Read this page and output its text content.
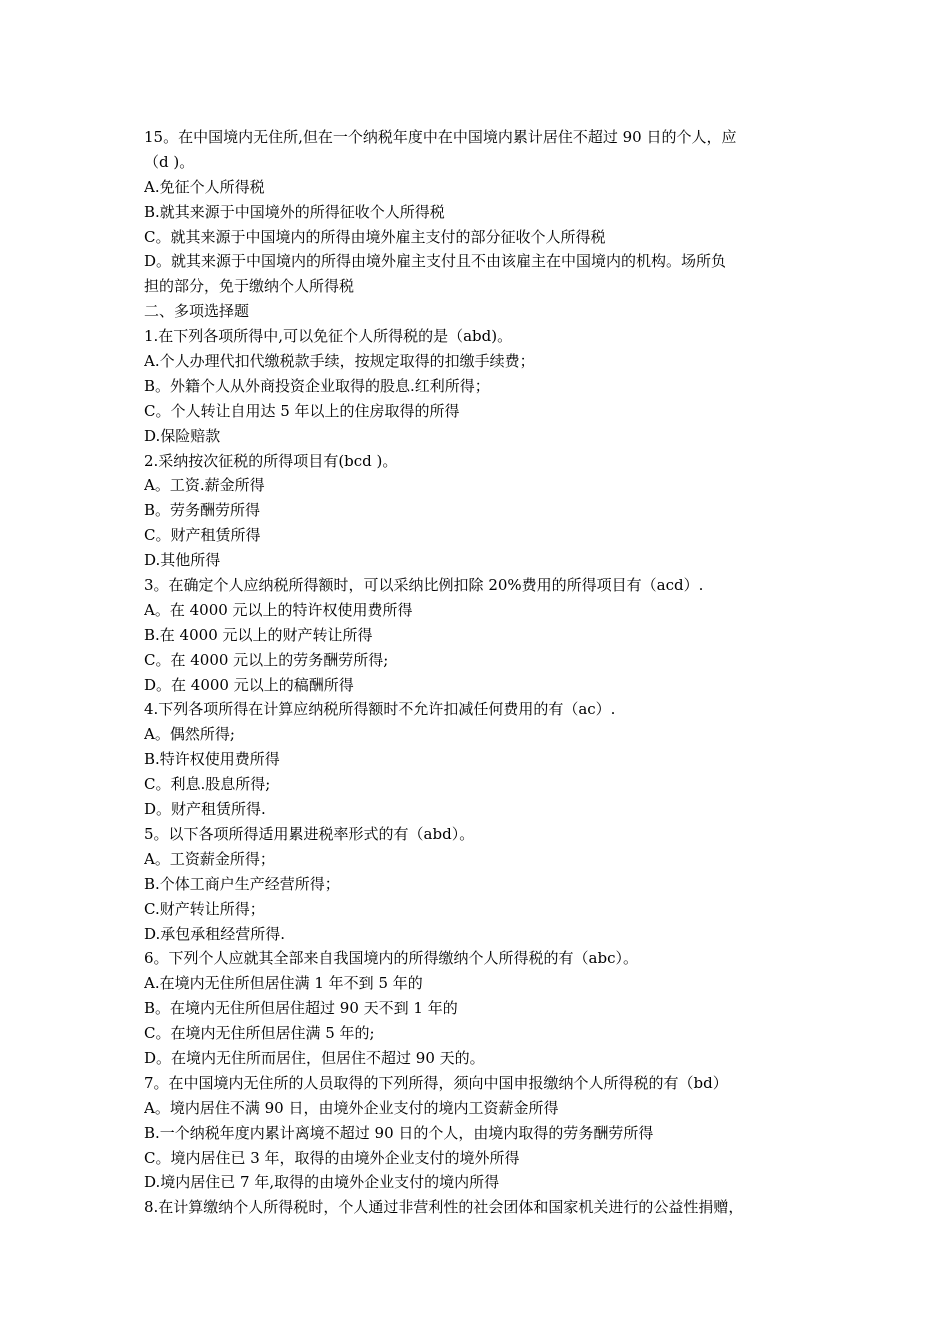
15。在中国境内无住所,但在一个纳税年度中在中国境内累计居住不超过 90 日的个人，应
（d )。
A.免征个人所得税
B.就其来源于中国境外的所得征收个人所得税
C。就其来源于中国境内的所得由境外雇主支付的部分征收个人所得税
D。就其来源于中国境内的所得由境外雇主支付且不由该雇主在中国境内的机构。场所负
担的部分，免于缴纳个人所得税
二、多项选择题
1.在下列各项所得中,可以免征个人所得税的是（abd)。
A.个人办理代扣代缴税款手续，按规定取得的扣缴手续费；
B。外籍个人从外商投资企业取得的股息.红利所得；
C。个人转让自用达 5 年以上的住房取得的所得
D.保险赔款
2.采纳按次征税的所得项目有(bcd )。
A。工资.薪金所得
B。劳务酬劳所得
C。财产租赁所得
D.其他所得
3。在确定个人应纳税所得额时，可以采纳比例扣除 20%费用的所得项目有（acd）.
A。在 4000 元以上的特许权使用费所得
B.在 4000 元以上的财产转让所得
C。在 4000 元以上的劳务酬劳所得;
D。在 4000 元以上的稿酬所得
4.下列各项所得在计算应纳税所得额时不允许扣减任何费用的有（ac）.
A。偶然所得;
B.特许权使用费所得
C。利息.股息所得;
D。财产租赁所得.
5。以下各项所得适用累进税率形式的有（abd）。
A。工资薪金所得；
B.个体工商户生产经营所得；
C.财产转让所得；
D.承包承租经营所得.
6。下列个人应就其全部来自我国境内的所得缴纳个人所得税的有（abc）。
A.在境内无住所但居住满 1 年不到 5 年的
B。在境内无住所但居住超过 90 天不到 1 年的
C。在境内无住所但居住满 5 年的;
D。在境内无住所而居住，但居住不超过 90 天的。
7。在中国境内无住所的人员取得的下列所得，须向中国申报缴纳个人所得税的有（bd）
A。境内居住不满 90 日，由境外企业支付的境内工资薪金所得
B.一个纳税年度内累计离境不超过 90 日的个人，由境内取得的劳务酬劳所得
C。境内居住已 3 年，取得的由境外企业支付的境外所得
D.境内居住已 7 年,取得的由境外企业支付的境内所得
8.在计算缴纳个人所得税时，个人通过非营利性的社会团体和国家机关进行的公益性捐赠，
